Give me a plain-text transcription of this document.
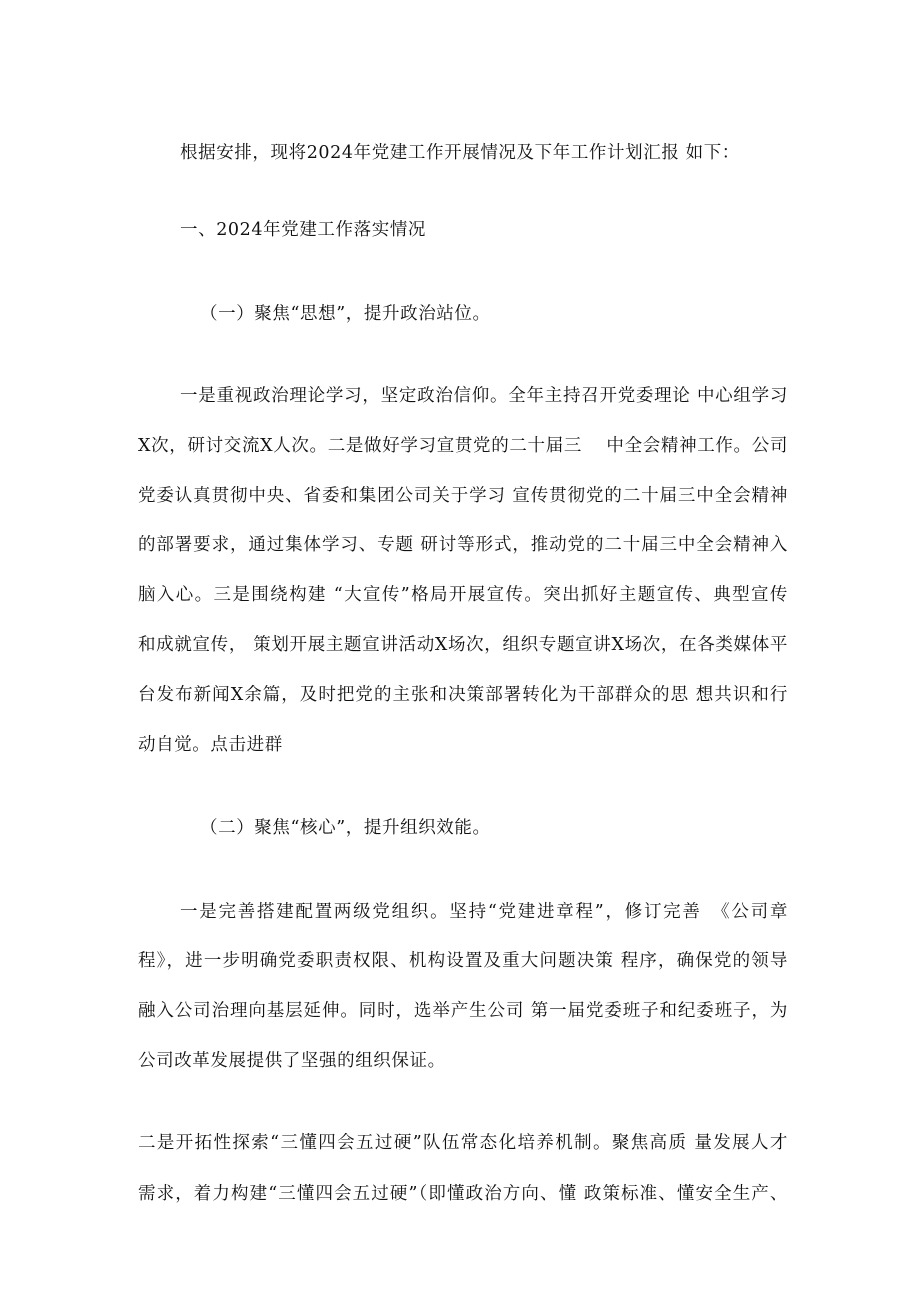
根据安排，现将2024年党建工作开展情况及下年工作计划汇报 如下：
一、2024年党建工作落实情况
（一）聚焦“思想”，提升政治站位。
一是重视政治理论学习，坚定政治信仰。全年主持召开党委理论 中心组学习
X次，研讨交流X人次。二是做好学习宣贯党的二十届三　 中全会精神工作。公司
党委认真贯彻中央、省委和集团公司关于学习 宣传贯彻党的二十届三中全会精神
的部署要求，通过集体学习、专题 研讨等形式，推动党的二十届三中全会精神入
脑入心。三是围绕构建 “大宣传”格局开展宣传。突出抓好主题宣传、典型宣传
和成就宣传， 策划开展主题宣讲活动X场次，组织专题宣讲X场次，在各类媒体平
台发布新闻X余篇，及时把党的主张和决策部署转化为干部群众的思 想共识和行
动自觉。点击进群
（二）聚焦“核心”，提升组织效能。
一是完善搭建配置两级党组织。坚持“党建进章程”，修订完善　《公司章
程》，进一步明确党委职责权限、机构设置及重大问题决策 程序，确保党的领导
融入公司治理向基层延伸。同时，选举产生公司 第一届党委班子和纪委班子，为
公司改革发展提供了坚强的组织保证。
二是开拓性探索“三懂四会五过硬”队伍常态化培养机制。聚焦高质 量发展人才
需求，着力构建“三懂四会五过硬”（即懂政治方向、懂 政策标准、懂安全生产、
